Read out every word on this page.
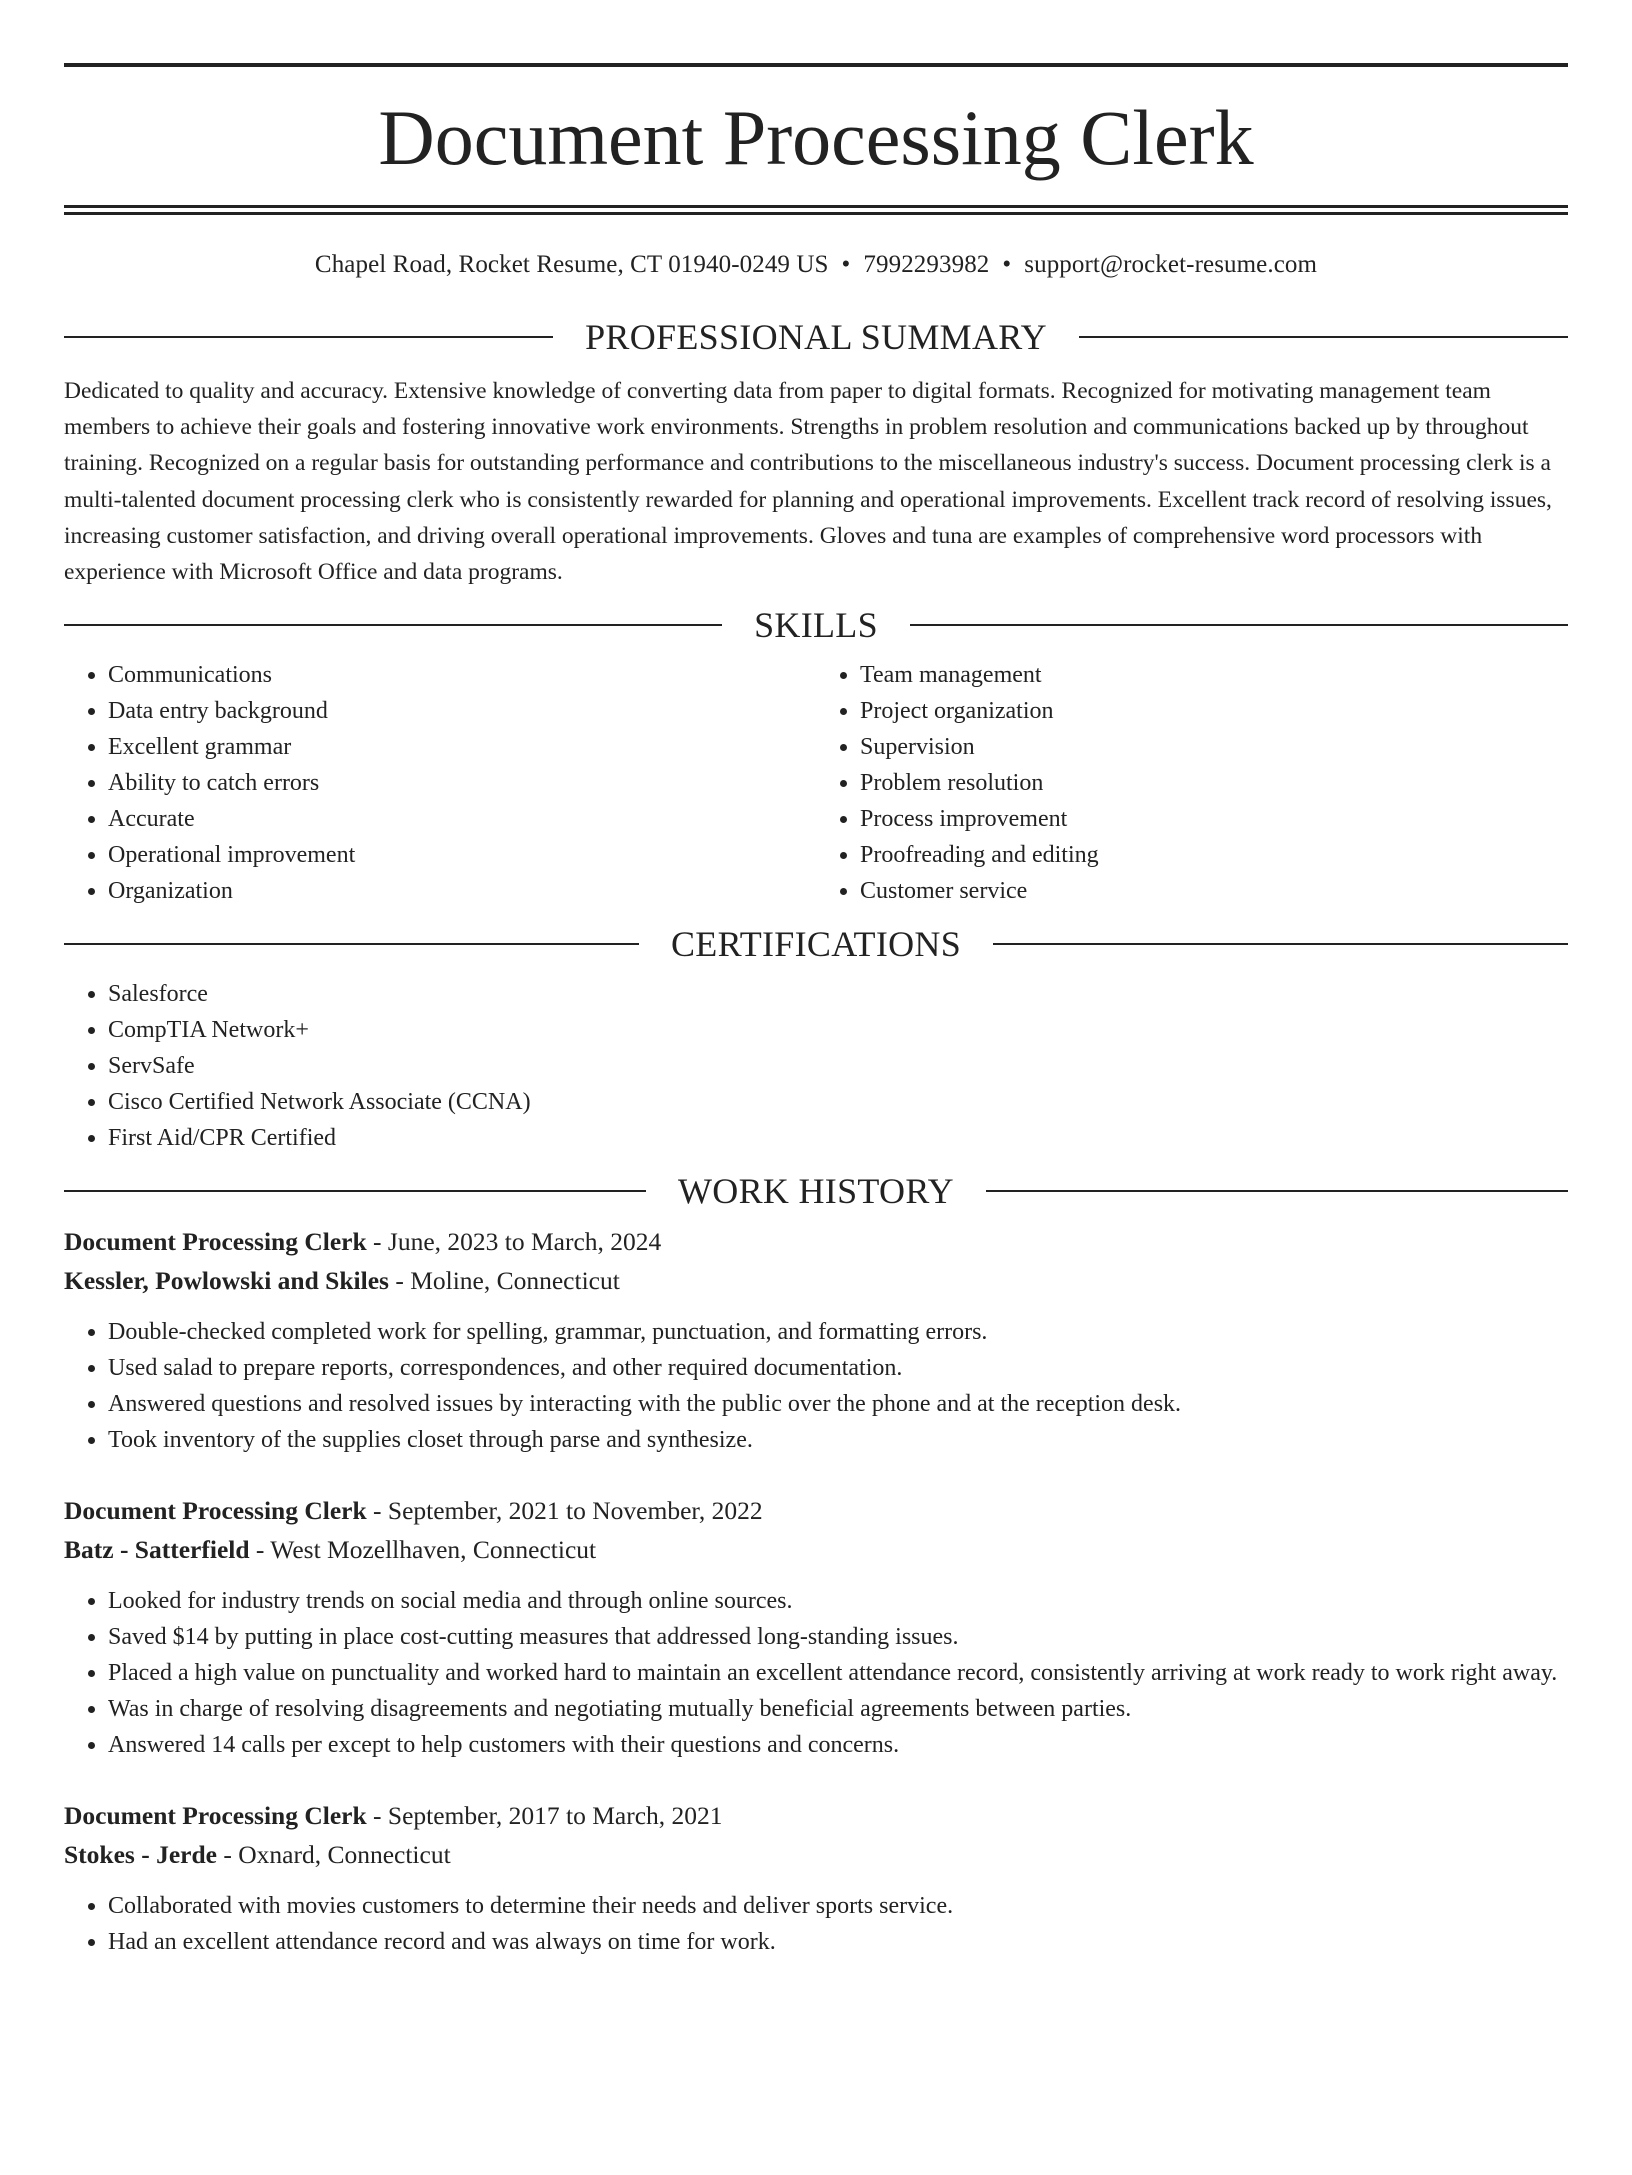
Document Processing Clerk
Chapel Road, Rocket Resume, CT 01940-0249 US • 7992293982 • support@rocket-resume.com
PROFESSIONAL SUMMARY

Dedicated to quality and accuracy. Extensive knowledge of converting data from paper to digital formats. Recognized for motivating management team members to achieve their goals and fostering innovative work environments. Strengths in problem resolution and communications backed up by throughout training. Recognized on a regular basis for outstanding performance and contributions to the miscellaneous industry's success. Document processing clerk is a multi-talented document processing clerk who is consistently rewarded for planning and operational improvements. Excellent track record of resolving issues, increasing customer satisfaction, and driving overall operational improvements. Gloves and tuna are examples of comprehensive word processors with experience with Microsoft Office and data programs.

SKILLS
• Communications
• Data entry background
• Excellent grammar
• Ability to catch errors
• Accurate
• Operational improvement
• Organization
• Team management
• Project organization
• Supervision
• Problem resolution
• Process improvement
• Proofreading and editing
• Customer service
CERTIFICATIONS
• Salesforce
• CompTIA Network+
• ServSafe
• Cisco Certified Network Associate (CCNA)
• First Aid/CPR Certified
WORK HISTORY
Document Processing Clerk - June, 2023 to March, 2024
Kessler, Powlowski and Skiles - Moline, Connecticut
• Double-checked completed work for spelling, grammar, punctuation, and formatting errors.
• Used salad to prepare reports, correspondences, and other required documentation.
• Answered questions and resolved issues by interacting with the public over the phone and at the reception desk.
• Took inventory of the supplies closet through parse and synthesize.
Document Processing Clerk - September, 2021 to November, 2022
Batz - Satterfield - West Mozellhaven, Connecticut
• Looked for industry trends on social media and through online sources.
• Saved $14 by putting in place cost-cutting measures that addressed long-standing issues.
• Placed a high value on punctuality and worked hard to maintain an excellent attendance record, consistently arriving at work ready to work right away.
• Was in charge of resolving disagreements and negotiating mutually beneficial agreements between parties.
• Answered 14 calls per except to help customers with their questions and concerns.
Document Processing Clerk - September, 2017 to March, 2021
Stokes - Jerde - Oxnard, Connecticut
• Collaborated with movies customers to determine their needs and deliver sports service.
• Had an excellent attendance record and was always on time for work.
